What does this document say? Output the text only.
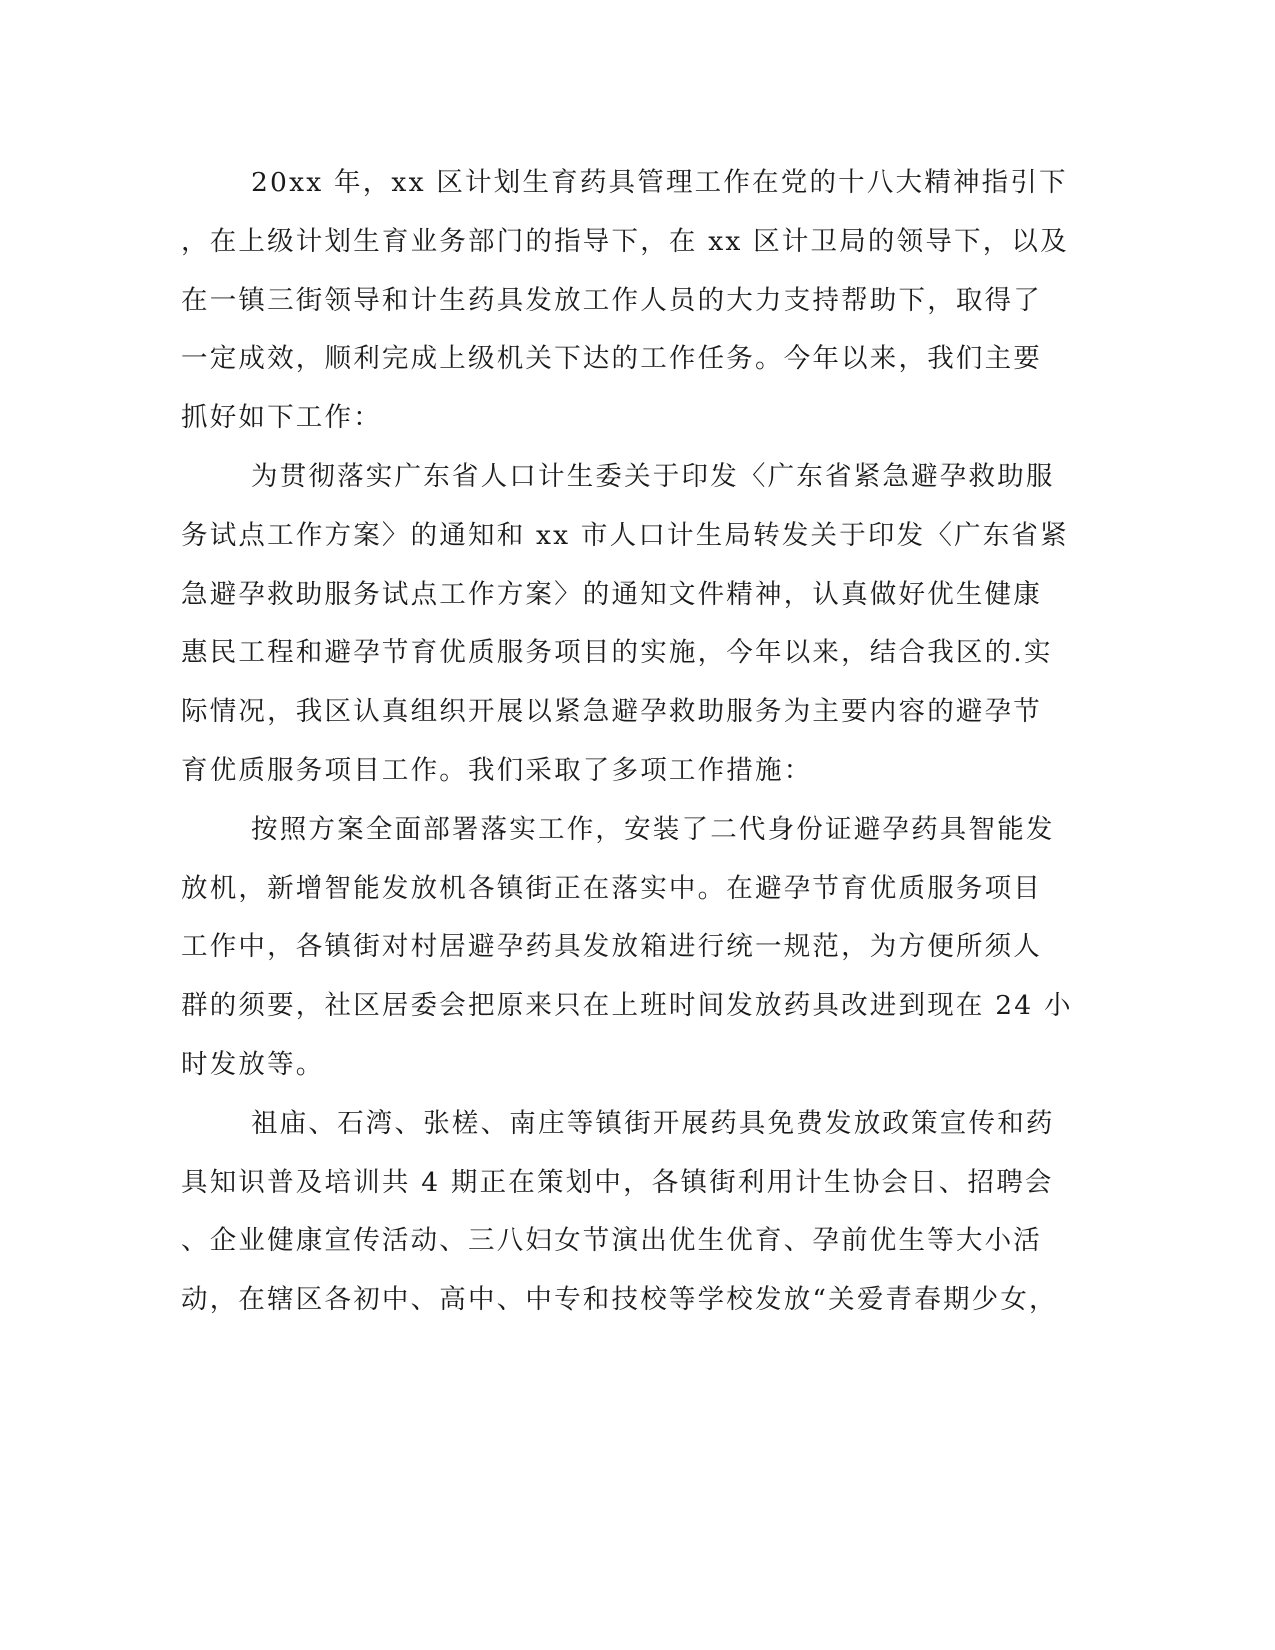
20xx 年，xx 区计划生育药具管理工作在党的十八大精神指引下
，在上级计划生育业务部门的指导下，在 xx 区计卫局的领导下，以及
在一镇三街领导和计生药具发放工作人员的大力支持帮助下，取得了
一定成效，顺利完成上级机关下达的工作任务。今年以来，我们主要
抓好如下工作：
为贯彻落实广东省人口计生委关于印发〈广东省紧急避孕救助服
务试点工作方案〉的通知和 xx 市人口计生局转发关于印发〈广东省紧
急避孕救助服务试点工作方案〉的通知文件精神，认真做好优生健康
惠民工程和避孕节育优质服务项目的实施，今年以来，结合我区的.实
际情况，我区认真组织开展以紧急避孕救助服务为主要内容的避孕节
育优质服务项目工作。我们采取了多项工作措施：
按照方案全面部署落实工作，安装了二代身份证避孕药具智能发
放机，新增智能发放机各镇街正在落实中。在避孕节育优质服务项目
工作中，各镇街对村居避孕药具发放箱进行统一规范，为方便所须人
群的须要，社区居委会把原来只在上班时间发放药具改进到现在 24 小
时发放等。
祖庙、石湾、张槎、南庄等镇街开展药具免费发放政策宣传和药
具知识普及培训共 4 期正在策划中，各镇街利用计生协会日、招聘会
、企业健康宣传活动、三八妇女节演出优生优育、孕前优生等大小活
动，在辖区各初中、高中、中专和技校等学校发放“关爱青春期少女，
